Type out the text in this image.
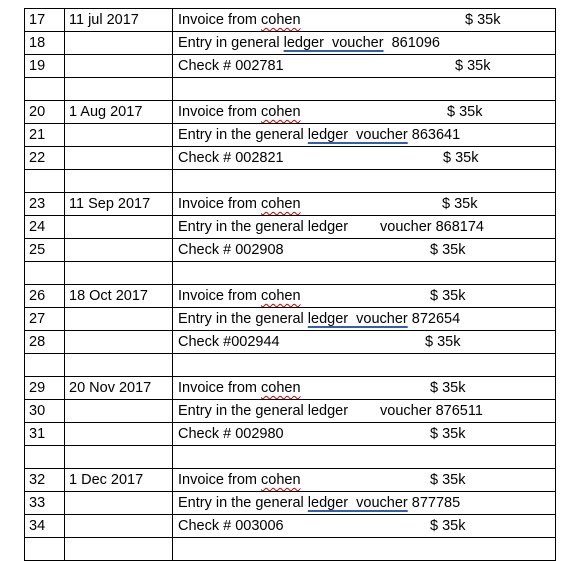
17	11 jul 2017	Invoice from cohen $ 35k

18		Entry in general ledger  voucher  861096
19		Check # 002781 $ 35k

20	1 Aug 2017	Invoice from cohen $ 35k

21		Entry in the general ledger  voucher 863641
22		Check # 002821 $ 35k

23	11 Sep 2017	Invoice from cohen $ 35k

24		Entry in the general ledger voucher 868174

25		Check # 002908 $ 35k

26	18 Oct 2017	Invoice from cohen $ 35k

27		Entry in the general ledger  voucher 872654
28		Check #002944 $ 35k

29	20 Nov 2017	Invoice from cohen $ 35k

30		Entry in the general ledger voucher 876511

31		Check # 002980 $ 35k

32	1 Dec 2017	Invoice from cohen $ 35k

33		Entry in the general ledger  voucher 877785
34		Check # 003006 $ 35k
